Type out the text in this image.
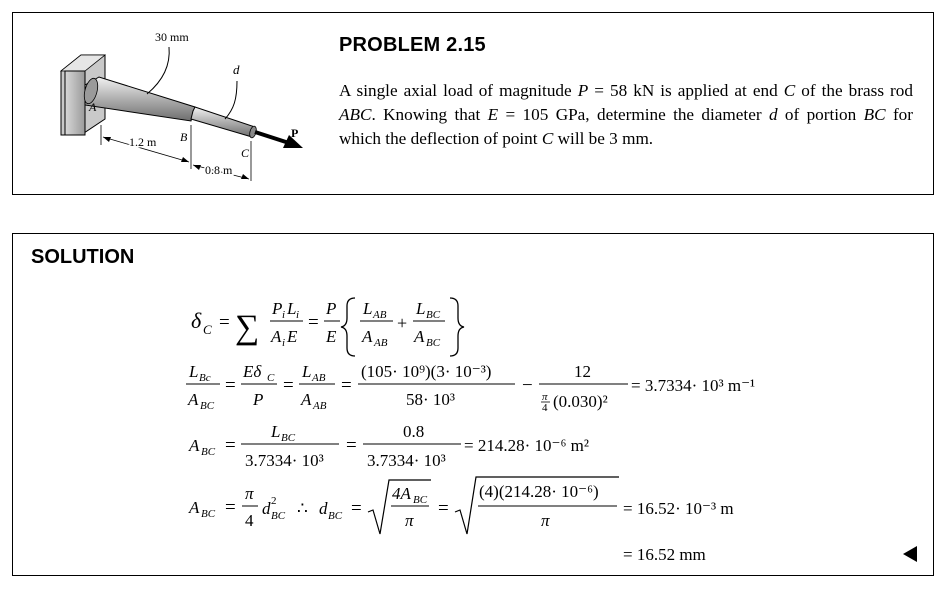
30 mm
d
A
B
C
P
1.2 m
0.8 m
PROBLEM 2.15
A single axial load of magnitude P = 58 kN is applied at end C of the brass rod ABC. Knowing that E = 105 GPa, determine the diameter d of portion BC for which the deflection of point C will be 3 mm.
SOLUTION
δ C = ∑
P i L i
A i E
=
P
E
L AB
A AB
+
L BC
A BC
L Bc
A BC
=
Eδ C
P
=
L AB
A AB
=
(105· 10⁹)(3· 10⁻³)
58· 10³
−
12
π
4 (0.030)²
= 3.7334· 10³ m⁻¹
A BC =
L BC
3.7334· 10³
=
0.8
3.7334· 10³
= 214.28· 10⁻⁶ m²
A BC =
π
4
d 2
BC ∴ d BC =
4A BC
π
=
(4)(214.28· 10⁻⁶)
π
= 16.52· 10⁻³ m
= 16.52 mm
